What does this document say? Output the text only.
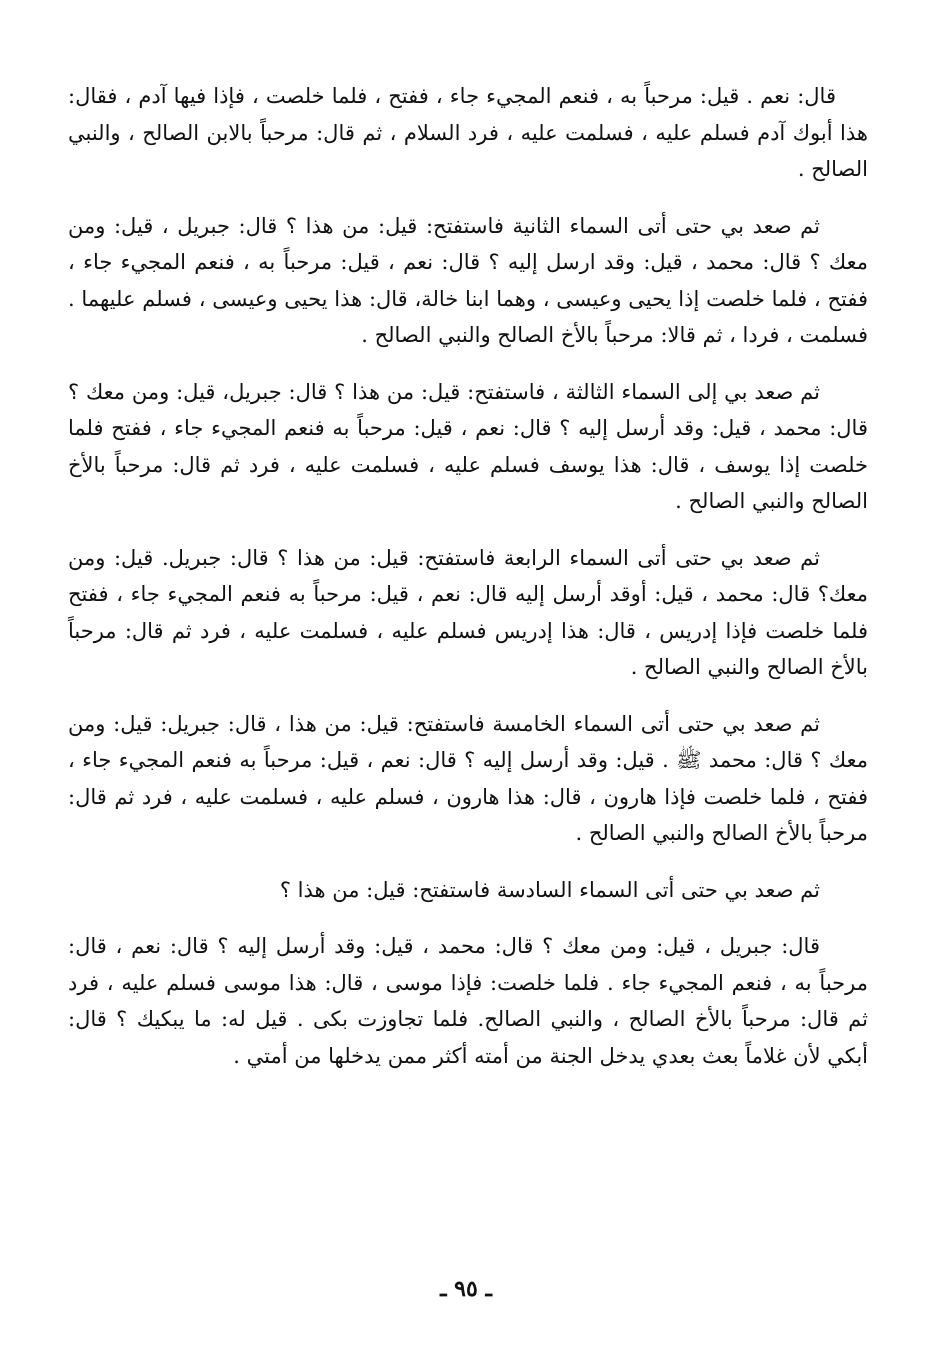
قال: نعم . قيل: مرحباً به ، فنعم المجيء جاء ، ففتح ، فلما خلصت ، فإذا فيها آدم ، فقال: هذا أبوك آدم فسلم عليه ، فسلمت عليه ، فرد السلام ، ثم قال: مرحباً بالابن الصالح ، والنبي الصالح .

ثم صعد بي حتى أتى السماء الثانية فاستفتح: قيل: من هذا ؟ قال: جبريل ، قيل: ومن معك ؟ قال: محمد ، قيل: وقد ارسل إليه ؟ قال: نعم ، قيل: مرحباً به ، فنعم المجيء جاء ، ففتح ، فلما خلصت إذا يحيى وعيسى ، وهما ابنا خالة، قال: هذا يحيى وعيسى ، فسلم عليهما . فسلمت ، فردا ، ثم قالا: مرحباً بالأخ الصالح والنبي الصالح .

ثم صعد بي إلى السماء الثالثة ، فاستفتح: قيل: من هذا ؟ قال: جبريل، قيل: ومن معك ؟ قال: محمد ، قيل: وقد أرسل إليه ؟ قال: نعم ، قيل: مرحباً به فنعم المجيء جاء ، ففتح فلما خلصت إذا يوسف ، قال: هذا يوسف فسلم عليه ، فسلمت عليه ، فرد ثم قال: مرحباً بالأخ الصالح والنبي الصالح .

ثم صعد بي حتى أتى السماء الرابعة فاستفتح: قيل: من هذا ؟ قال: جبريل. قيل: ومن معك؟ قال: محمد ، قيل: أوقد أرسل إليه قال: نعم ، قيل: مرحباً به فنعم المجيء جاء ، ففتح فلما خلصت فإذا إدريس ، قال: هذا إدريس فسلم عليه ، فسلمت عليه ، فرد ثم قال: مرحباً بالأخ الصالح والنبي الصالح .

ثم صعد بي حتى أتى السماء الخامسة فاستفتح: قيل: من هذا ، قال: جبريل: قيل: ومن معك ؟ قال: محمد ﷺ . قيل: وقد أرسل إليه ؟ قال: نعم ، قيل: مرحباً به فنعم المجيء جاء ، ففتح ، فلما خلصت فإذا هارون ، قال: هذا هارون ، فسلم عليه ، فسلمت عليه ، فرد ثم قال: مرحباً بالأخ الصالح والنبي الصالح .

ثم صعد بي حتى أتى السماء السادسة فاستفتح: قيل: من هذا ؟

قال: جبريل ، قيل: ومن معك ؟ قال: محمد ، قيل: وقد أرسل إليه ؟ قال: نعم ، قال: مرحباً به ، فنعم المجيء جاء . فلما خلصت: فإذا موسى ، قال: هذا موسى فسلم عليه ، فرد ثم قال: مرحباً بالأخ الصالح ، والنبي الصالح. فلما تجاوزت بكى . قيل له: ما يبكيك ؟ قال: أبكي لأن غلاماً بعث بعدي يدخل الجنة من أمته أكثر ممن يدخلها من أمتي .

ـ ٩٥ ـ
